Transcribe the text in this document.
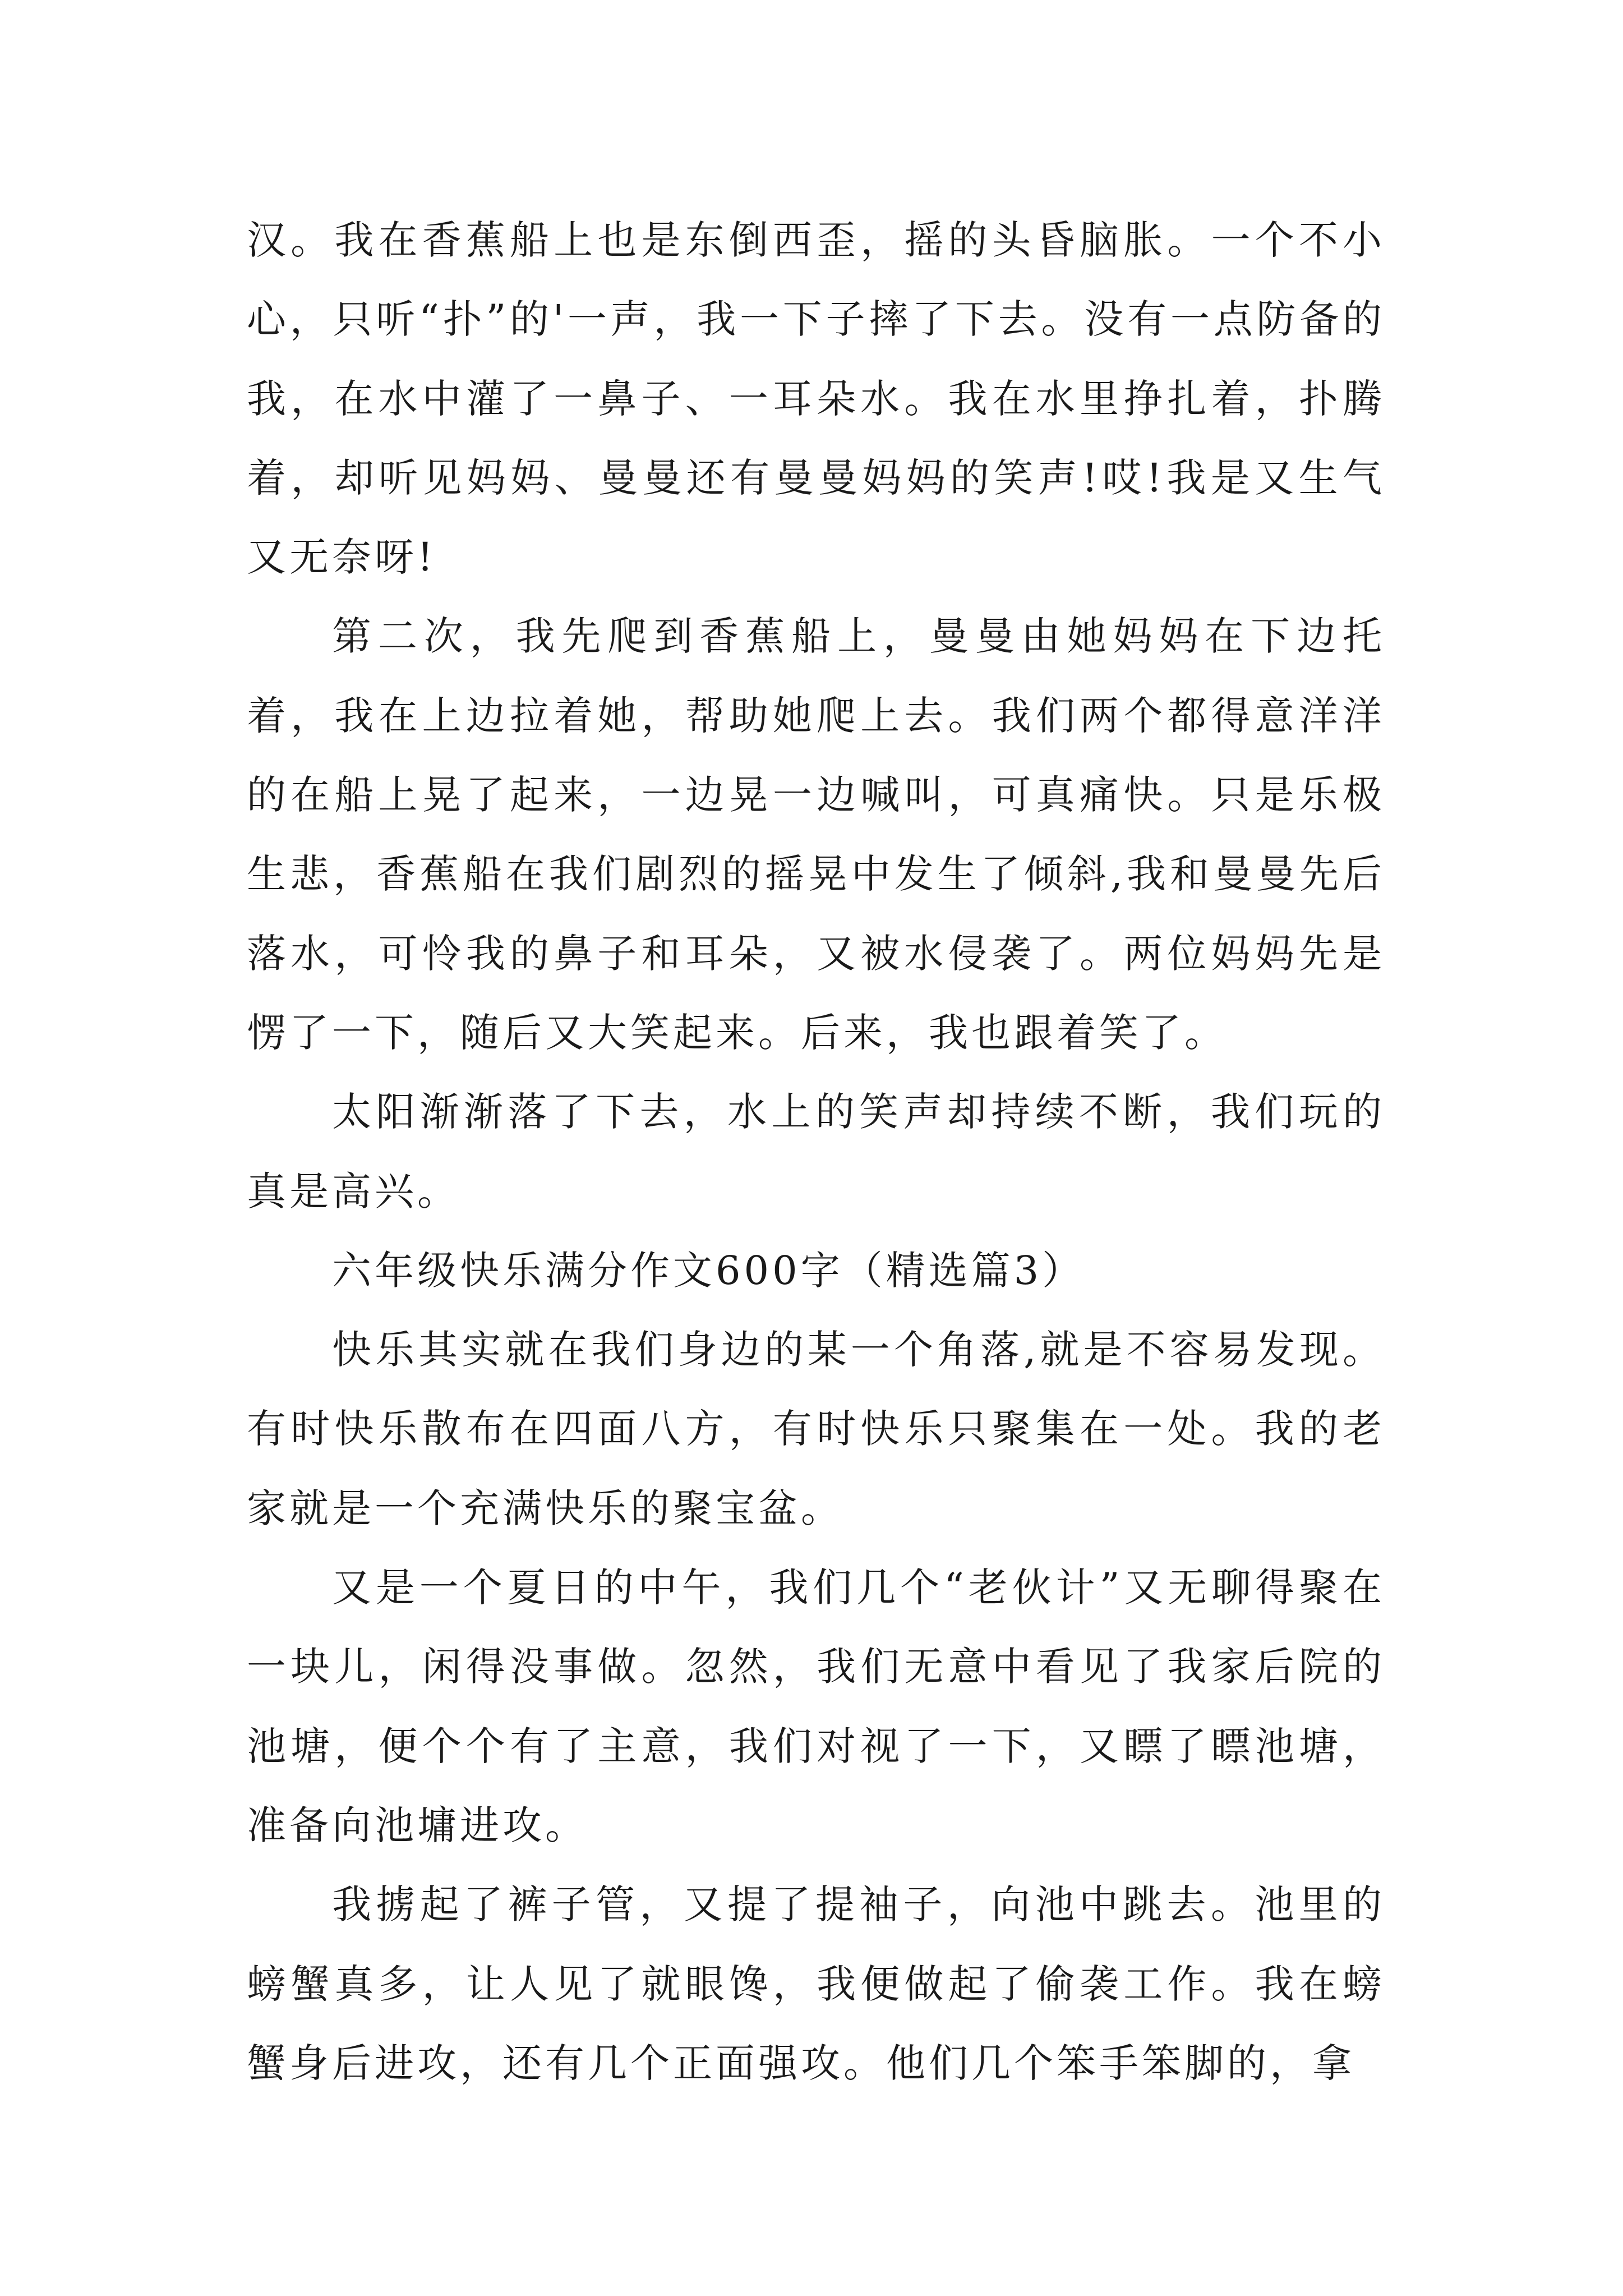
汉。我在香蕉船上也是东倒西歪，摇的头昏脑胀。一个不小心，只听“扑”的'一声，我一下子摔了下去。没有一点防备的我，在水中灌了一鼻子、一耳朵水。我在水里挣扎着，扑腾着，却听见妈妈、曼曼还有曼曼妈妈的笑声!哎!我是又生气又无奈呀!

第二次，我先爬到香蕉船上，曼曼由她妈妈在下边托着，我在上边拉着她，帮助她爬上去。我们两个都得意洋洋的在船上晃了起来，一边晃一边喊叫，可真痛快。只是乐极生悲，香蕉船在我们剧烈的摇晃中发生了倾斜,我和曼曼先后落水，可怜我的鼻子和耳朵，又被水侵袭了。两位妈妈先是愣了一下，随后又大笑起来。后来，我也跟着笑了。

太阳渐渐落了下去，水上的笑声却持续不断，我们玩的真是高兴。

六年级快乐满分作文600字（精选篇3）

快乐其实就在我们身边的某一个角落,就是不容易发现。有时快乐散布在四面八方，有时快乐只聚集在一处。我的老家就是一个充满快乐的聚宝盆。

又是一个夏日的中午，我们几个“老伙计”又无聊得聚在一块儿，闲得没事做。忽然，我们无意中看见了我家后院的池塘，便个个有了主意，我们对视了一下，又瞟了瞟池塘，准备向池墉进攻。

我掳起了裤子管，又提了提袖子，向池中跳去。池里的螃蟹真多，让人见了就眼馋，我便做起了偷袭工作。我在螃蟹身后进攻，还有几个正面强攻。他们几个笨手笨脚的，拿
